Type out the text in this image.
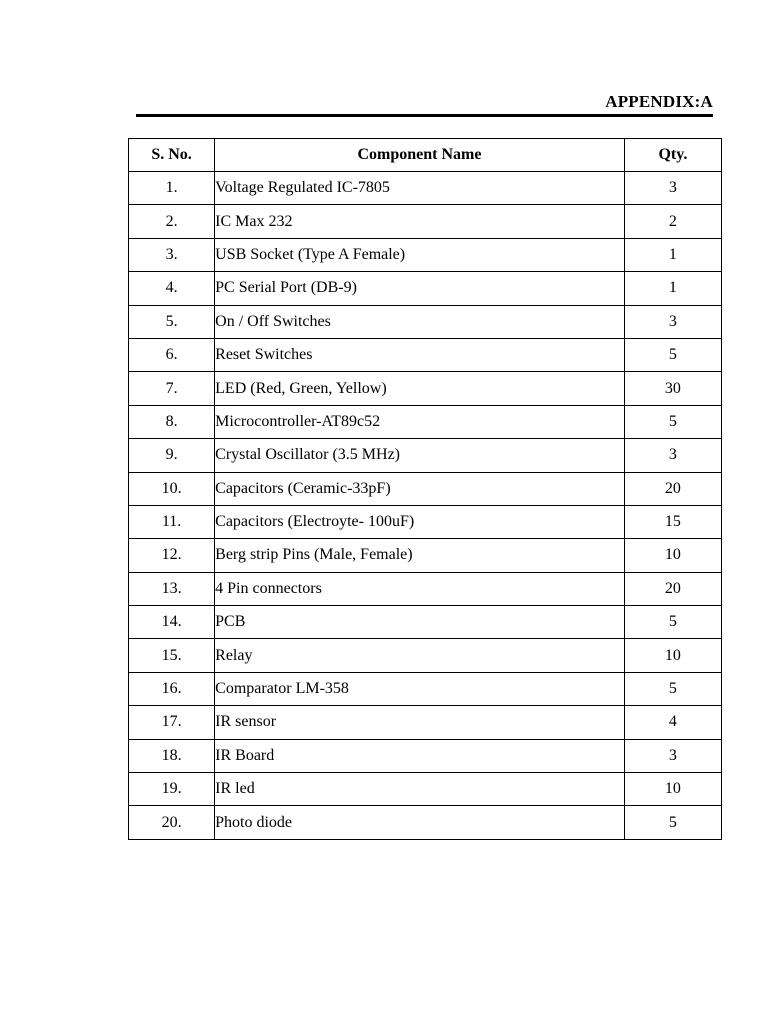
APPENDIX:A
S. No.	Component Name	Qty.
1.	Voltage Regulated IC-7805	3
2.	IC Max 232	2
3.	USB Socket (Type A Female)	1
4.	PC Serial Port (DB-9)	1
5.	On / Off Switches	3
6.	Reset Switches	5
7.	LED (Red, Green, Yellow)	30
8.	Microcontroller-AT89c52	5
9.	Crystal Oscillator (3.5 MHz)	3
10.	Capacitors (Ceramic-33pF)	20
11.	Capacitors (Electroyte- 100uF)	15
12.	Berg strip Pins (Male, Female)	10
13.	4 Pin connectors	20
14.	PCB	5
15.	Relay	10
16.	Comparator LM-358	5
17.	IR sensor	4
18.	IR Board	3
19.	IR led	10
20.	Photo diode	5
